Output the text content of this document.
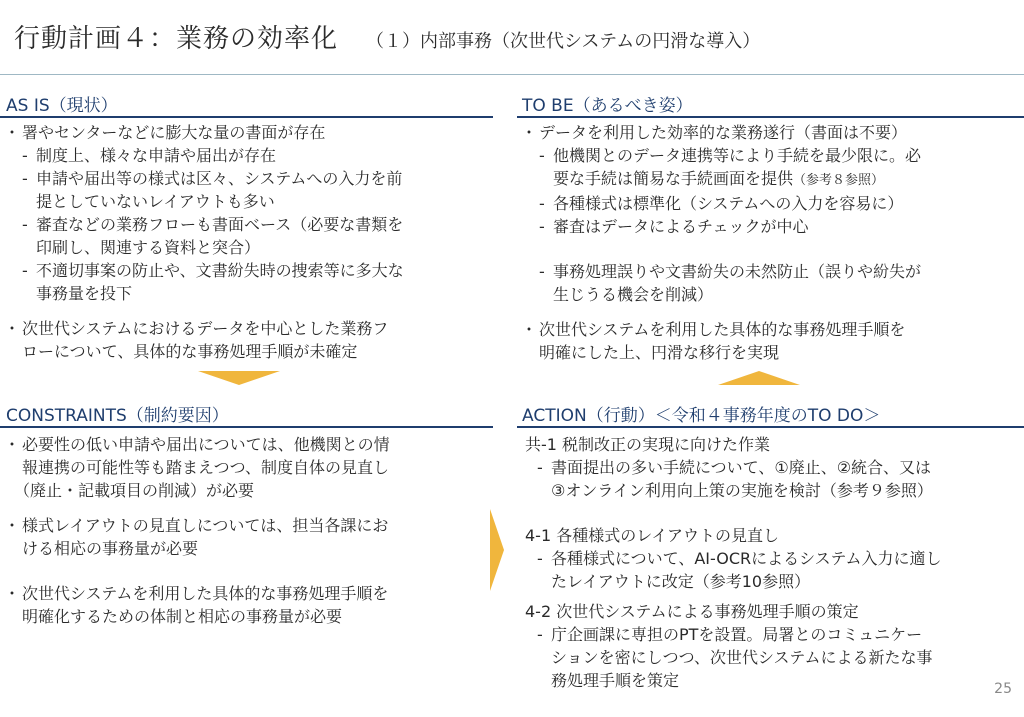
行動計画４：業務の効率化 （１）内部事務（次世代システムの円滑な導入）
AS IS（現状）
・ 署やセンターなどに膨大な量の書面が存在
- 制度上、様々な申請や届出が存在
- 申請や届出等の様式は区々、システムへの入力を前
提としていないレイアウトも多い
- 審査などの業務フローも書面ベース（必要な書類を
印刷し、関連する資料と突合）
- 不適切事案の防止や、文書紛失時の捜索等に多大な
事務量を投下
・ 次世代システムにおけるデータを中心とした業務フ
ローについて、具体的な事務処理手順が未確定
TO BE（あるべき姿）
・ データを利用した効率的な業務遂行（書面は不要）
- 他機関とのデータ連携等により手続を最少限に。必
要な手続は簡易な手続画面を提供（参考８参照）
- 各種様式は標準化（システムへの入力を容易に）
- 審査はデータによるチェックが中心
- 事務処理誤りや文書紛失の未然防止（誤りや紛失が
生じうる機会を削減）
・ 次世代システムを利用した具体的な事務処理手順を
明確にした上、円滑な移行を実現
CONSTRAINTS（制約要因）
・ 必要性の低い申請や届出については、他機関との情
報連携の可能性等も踏まえつつ、制度自体の見直し
（廃止・記載項目の削減）が必要
・ 様式レイアウトの見直しについては、担当各課にお
ける相応の事務量が必要
・ 次世代システムを利用した具体的な事務処理手順を
明確化するための体制と相応の事務量が必要
ACTION（行動）＜令和４事務年度のTO DO＞
共-1 税制改正の実現に向けた作業
- 書面提出の多い手続について、①廃止、②統合、又は
③オンライン利用向上策の実施を検討（参考９参照）
4-1 各種様式のレイアウトの見直し
- 各種様式について、AI-OCRによるシステム入力に適し
たレイアウトに改定（参考10参照）
4-2 次世代システムによる事務処理手順の策定
- 庁企画課に専担のPTを設置。局署とのコミュニケー
ションを密にしつつ、次世代システムによる新たな事
務処理手順を策定	25
